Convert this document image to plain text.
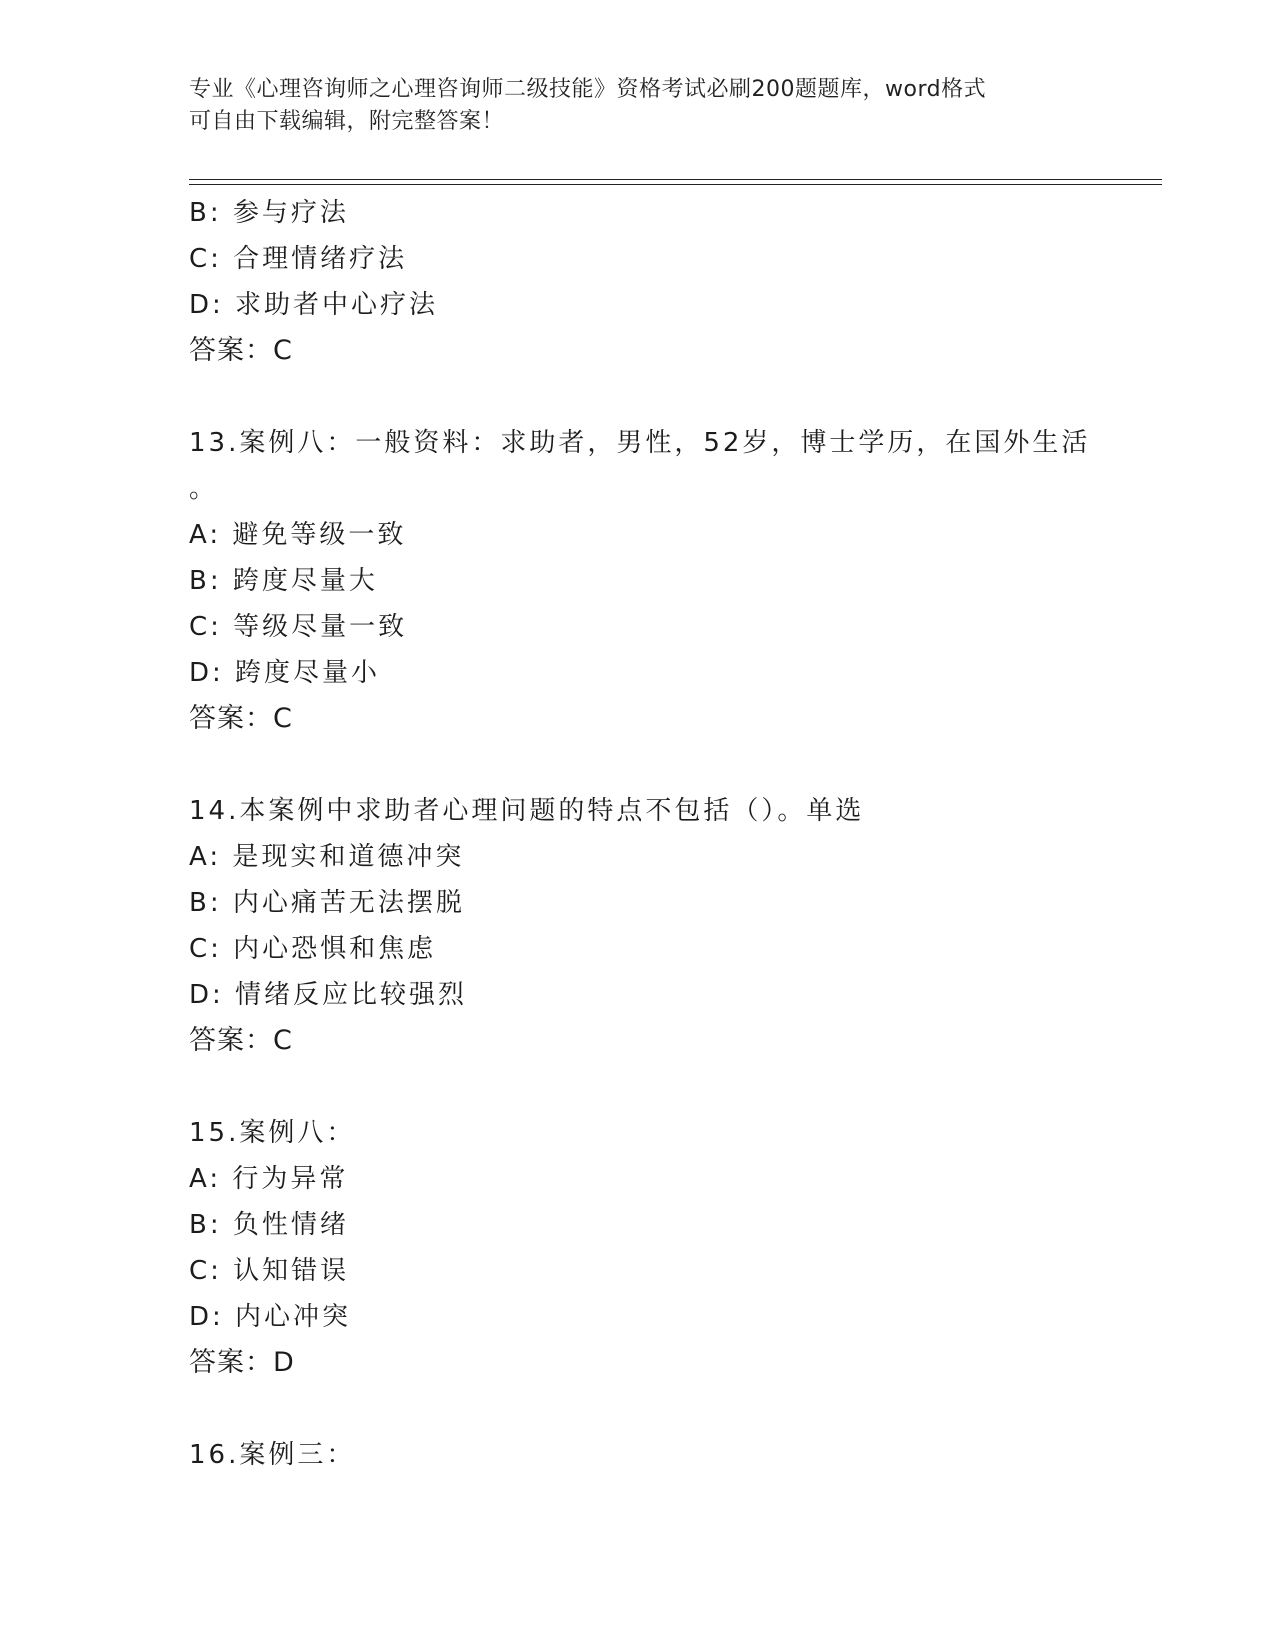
专业《心理咨询师之心理咨询师二级技能》资格考试必刷200题题库，word格式
可自由下载编辑，附完整答案！
B: 参与疗法
C: 合理情绪疗法
D: 求助者中心疗法
答案：C
13.案例八：一般资料：求助者，男性，52岁，博士学历，在国外生活
。
A: 避免等级一致
B: 跨度尽量大
C: 等级尽量一致
D: 跨度尽量小
答案：C
14.本案例中求助者心理问题的特点不包括（）。单选
A: 是现实和道德冲突
B: 内心痛苦无法摆脱
C: 内心恐惧和焦虑
D: 情绪反应比较强烈
答案：C
15.案例八：
A: 行为异常
B: 负性情绪
C: 认知错误
D: 内心冲突
答案：D
16.案例三：
